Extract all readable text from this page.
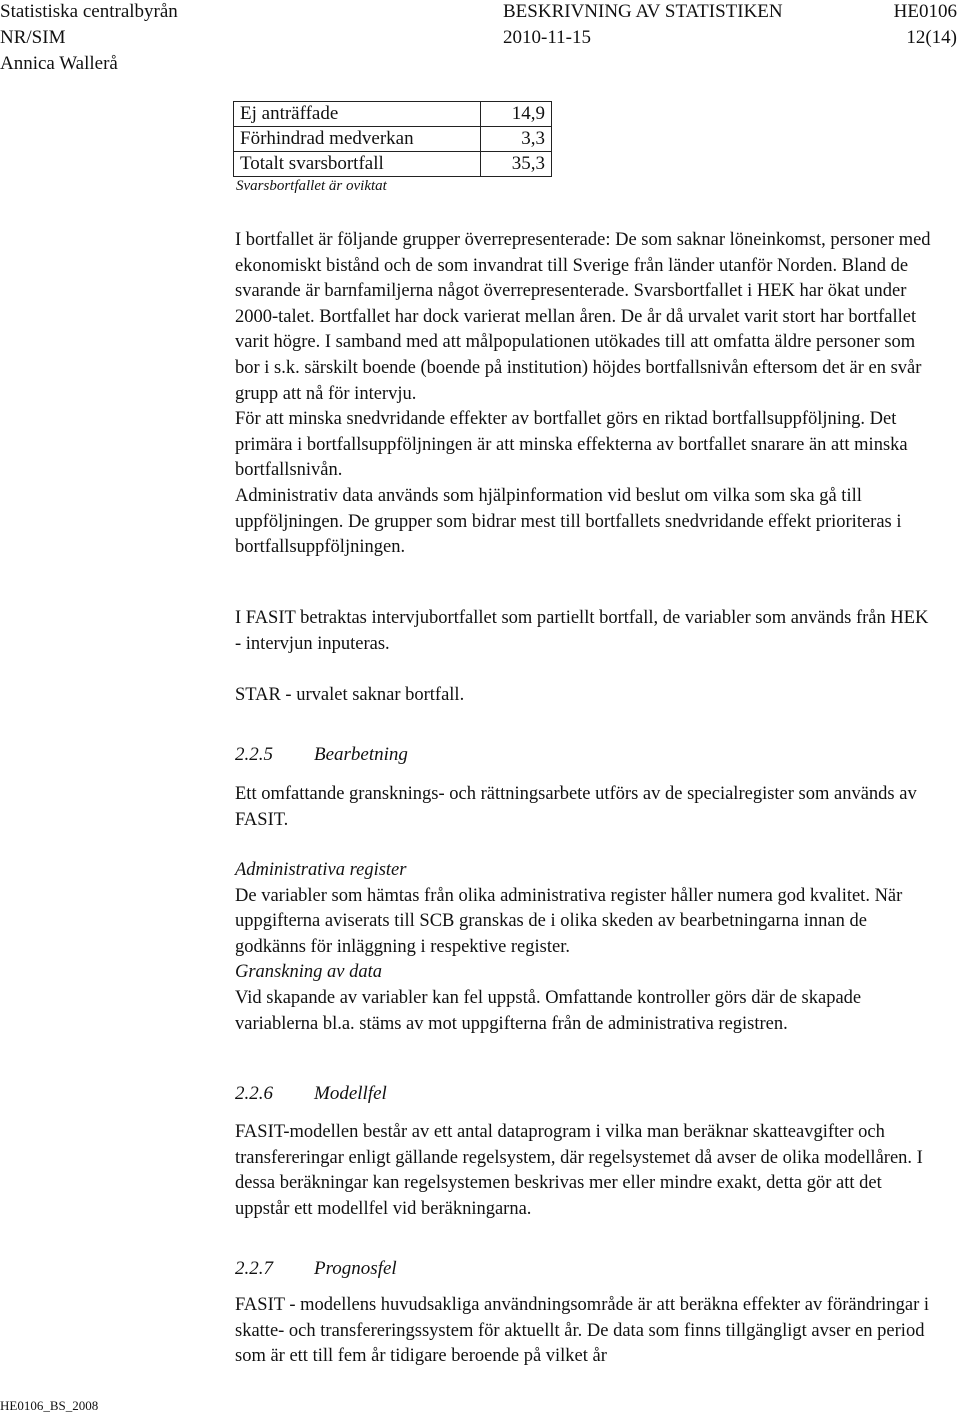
Statistiska centralbyrån
NR/SIM
Annica Wallerå
BESKRIVNING AV STATISTIKEN	HE0106
2010-11-15	12(14)
Ej anträffade	14,9
Förhindrad medverkan	3,3
Totalt svarsbortfall	35,3
Svarsbortfallet är oviktat

I bortfallet är följande grupper överrepresenterade: De som saknar löneinkomst, personer med ekonomiskt bistånd och de som invandrat till Sverige från länder utanför Norden. Bland de svarande är barnfamiljerna något överrepresenterade. Svarsbortfallet i HEK har ökat under 2000-talet. Bortfallet har dock varierat mellan åren. De år då urvalet varit stort har bortfallet varit högre. I samband med att målpopulationen utökades till att omfatta äldre personer som bor i s.k. särskilt boende (boende på institution) höjdes bortfallsnivån eftersom det är en svår grupp att nå för intervju.

För att minska snedvridande effekter av bortfallet görs en riktad bortfallsuppföljning. Det primära i bortfallsuppföljningen är att minska effekterna av bortfallet snarare än att minska bortfallsnivån.

Administrativ data används som hjälpinformation vid beslut om vilka som ska gå till uppföljningen. De grupper som bidrar mest till bortfallets snedvridande effekt prioriteras i bortfallsuppföljningen.

I FASIT betraktas intervjubortfallet som partiellt bortfall, de variabler som används från HEK - intervjun inputeras.
STAR - urvalet saknar bortfall.
2.2.5 Bearbetning
Ett omfattande gransknings- och rättningsarbete utförs av de specialregister som används av FASIT.

Administrativa register

De variabler som hämtas från olika administrativa register håller numera god kvalitet. När uppgifterna aviserats till SCB granskas de i olika skeden av bearbetningarna innan de godkänns för inläggning i respektive register.

Granskning av data

Vid skapande av variabler kan fel uppstå. Omfattande kontroller görs där de skapade variablerna bl.a. stäms av mot uppgifterna från de administrativa registren.

2.2.6 Modellfel
FASIT-modellen består av ett antal dataprogram i vilka man beräknar skatteavgifter och transfereringar enligt gällande regelsystem, där regelsystemet då avser de olika modellåren. I dessa beräkningar kan regelsystemen beskrivas mer eller mindre exakt, detta gör att det uppstår ett modellfel vid beräkningarna.
2.2.7 Prognosfel
FASIT - modellens huvudsakliga användningsområde är att beräkna effekter av förändringar i skatte- och transfereringssystem för aktuellt år. De data som finns tillgängligt avser en period som är ett till fem år tidigare beroende på vilket år
HE0106_BS_2008
